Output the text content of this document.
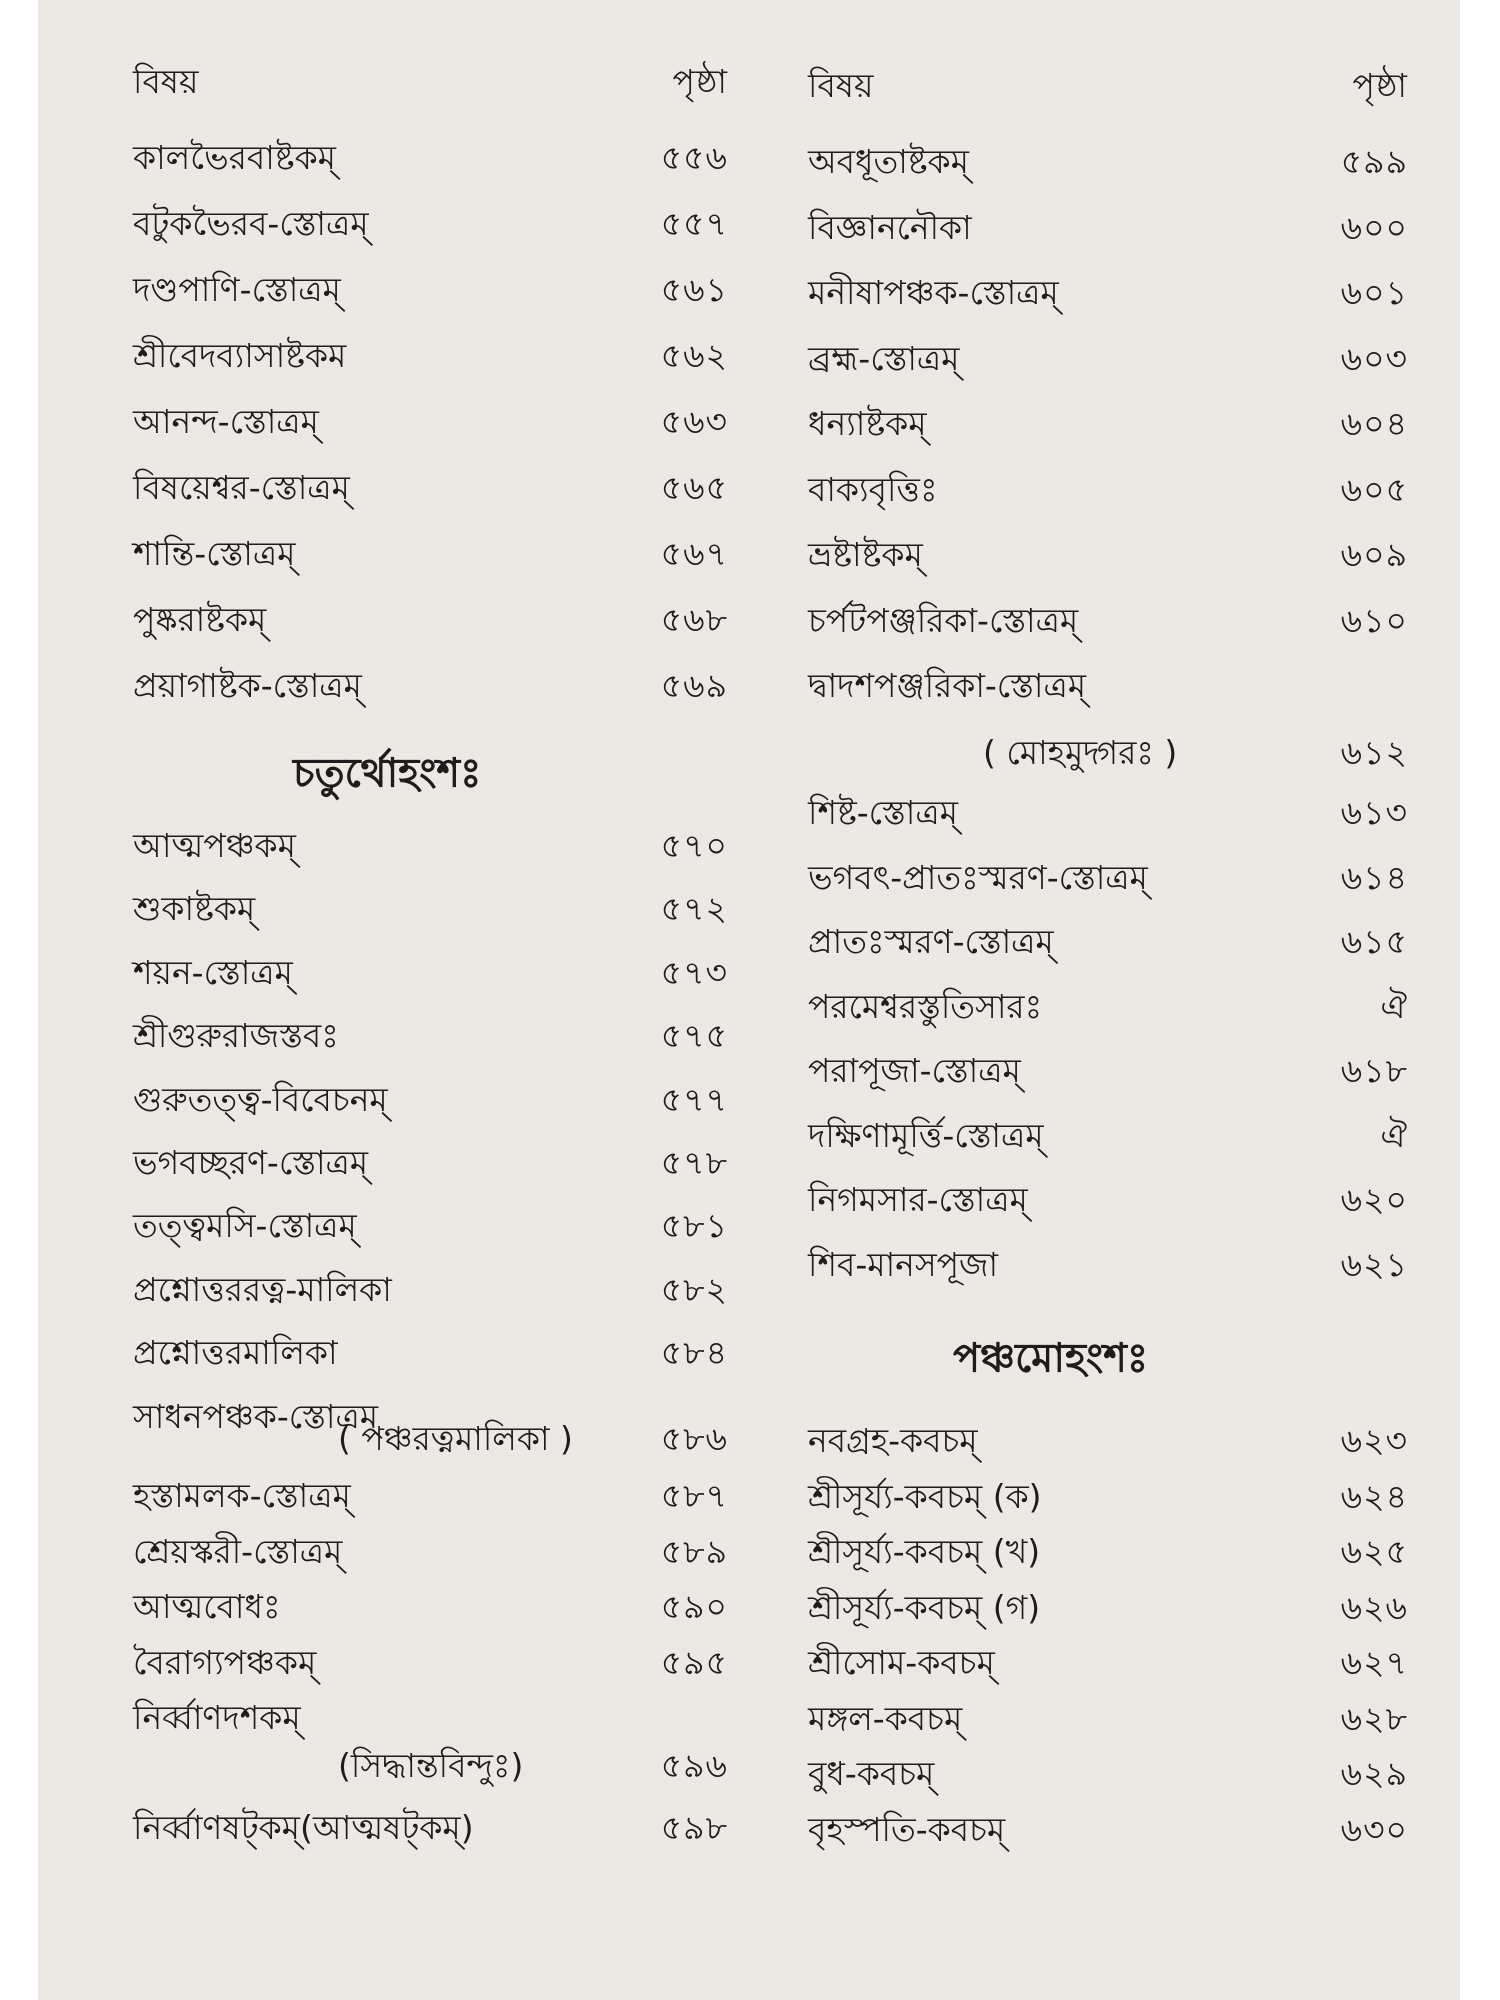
বিষয়	পৃষ্ঠা
কালভৈরবাষ্টকম্	৫৫৬
বটুকভৈরব-স্তোত্রম্	৫৫৭
দণ্ডপাণি-স্তোত্রম্	৫৬১
শ্রীবেদব্যাসাষ্টকম	৫৬২
আনন্দ-স্তোত্রম্	৫৬৩
বিষয়েশ্বর-স্তোত্রম্	৫৬৫
শান্তি-স্তোত্রম্	৫৬৭
পুষ্করাষ্টকম্	৫৬৮
প্রয়াগাষ্টক-স্তোত্রম্	৫৬৯
চতুর্থোহংশঃ
আত্মপঞ্চকম্	৫৭০
শুকাষ্টকম্	৫৭২
শয়ন-স্তোত্রম্	৫৭৩
শ্রীগুরুরাজস্তবঃ	৫৭৫
গুরুতত্ত্ব-বিবেচনম্	৫৭৭
ভগবচ্ছরণ-স্তোত্রম্	৫৭৮
তত্ত্বমসি-স্তোত্রম্	৫৮১
প্রশ্নোত্তররত্ন-মালিকা	৫৮২
প্রশ্নোত্তরমালিকা	৫৮৪
সাধনপঞ্চক-স্তোত্রম্
( পঞ্চরত্নমালিকা )	৫৮৬
হস্তামলক-স্তোত্রম্	৫৮৭
শ্রেয়স্করী-স্তোত্রম্	৫৮৯
আত্মবোধঃ	৫৯০
বৈরাগ্যপঞ্চকম্	৫৯৫
নির্ব্বাণদশকম্
(সিদ্ধান্তবিন্দুঃ)	৫৯৬
নির্ব্বাণষট্কম্(আত্মষট্কম্)	৫৯৮
বিষয়	পৃষ্ঠা
অবধূতাষ্টকম্	৫৯৯
বিজ্ঞাননৌকা	৬০০
মনীষাপঞ্চক-স্তোত্রম্	৬০১
ব্রহ্ম-স্তোত্রম্	৬০৩
ধন্যাষ্টকম্	৬০৪
বাক্যবৃত্তিঃ	৬০৫
ভ্রষ্টাষ্টকম্	৬০৯
চর্পটপঞ্জরিকা-স্তোত্রম্	৬১০
দ্বাদশপঞ্জরিকা-স্তোত্রম্
( মোহমুদ্গরঃ )	৬১২
শিষ্ট-স্তোত্রম্	৬১৩
ভগবৎ-প্রাতঃস্মরণ-স্তোত্রম্	৬১৪
প্রাতঃস্মরণ-স্তোত্রম্	৬১৫
পরমেশ্বরস্তুতিসারঃ	ঐ
পরাপূজা-স্তোত্রম্	৬১৮
দক্ষিণামূর্ত্তি-স্তোত্রম্	ঐ
নিগমসার-স্তোত্রম্	৬২০
শিব-মানসপূজা	৬২১
পঞ্চমোহংশঃ
নবগ্রহ-কবচম্	৬২৩
শ্রীসূর্য্য-কবচম্ (ক)	৬২৪
শ্রীসূর্য্য-কবচম্ (খ)	৬২৫
শ্রীসূর্য্য-কবচম্ (গ)	৬২৬
শ্রীসোম-কবচম্	৬২৭
মঙ্গল-কবচম্	৬২৮
বুধ-কবচম্	৬২৯
বৃহস্পতি-কবচম্	৬৩০
